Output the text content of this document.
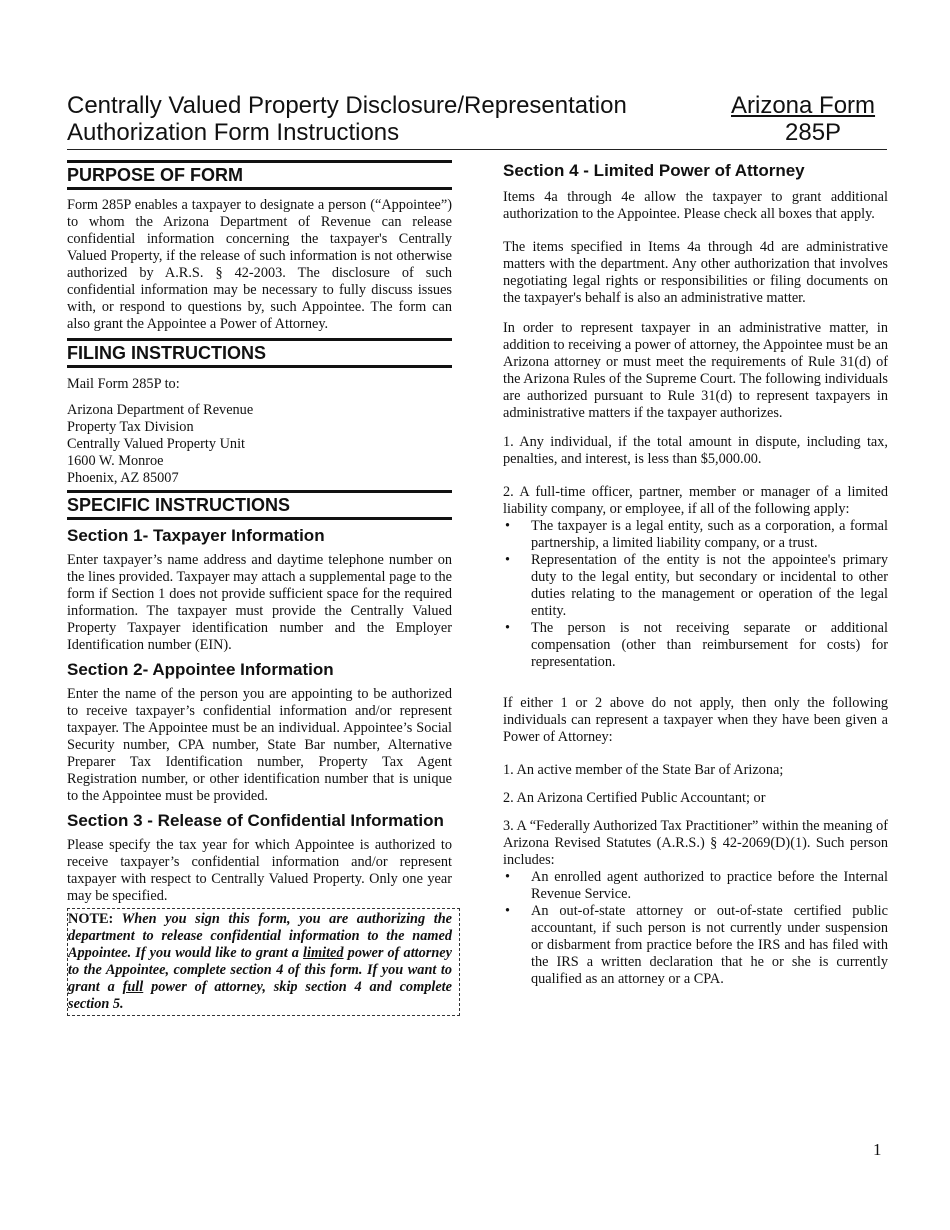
Centrally Valued Property Disclosure/Representation
Authorization Form Instructions
Arizona Form
285P
PURPOSE OF FORM

Form 285P enables a taxpayer to designate a person (“Appointee”) to whom the Arizona Department of Revenue can release confidential information concerning the taxpayer's Centrally Valued Property, if the release of such information is not otherwise authorized by A.R.S. § 42-2003. The disclosure of such confidential information may be necessary to fully discuss issues with, or respond to questions by, such Appointee. The form can also grant the Appointee a Power of Attorney.

FILING INSTRUCTIONS

Mail Form 285P to:

Arizona Department of Revenue
Property Tax Division
Centrally Valued Property Unit
1600 W. Monroe
Phoenix, AZ 85007
SPECIFIC INSTRUCTIONS
Section 1- Taxpayer Information

Enter taxpayer’s name address and daytime telephone number on the lines provided. Taxpayer may attach a supplemental page to the form if Section 1 does not provide sufficient space for the required information. The taxpayer must provide the Centrally Valued Property Taxpayer identification number and the Employer Identification number (EIN).

Section 2- Appointee Information

Enter the name of the person you are appointing to be authorized to receive taxpayer’s confidential information and/or represent taxpayer. The Appointee must be an individual. Appointee’s Social Security number, CPA number, State Bar number, Alternative Preparer Tax Identification number, Property Tax Agent Registration number, or other identification number that is unique to the Appointee must be provided.

Section 3 - Release of Confidential Information

Please specify the tax year for which Appointee is authorized to receive taxpayer’s confidential information and/or represent taxpayer with respect to Centrally Valued Property. Only one year may be specified.

NOTE: When you sign this form, you are authorizing the department to release confidential information to the named Appointee. If you would like to grant a limited power of attorney to the Appointee, complete section 4 of this form. If you want to grant a full power of attorney, skip section 4 and complete section 5.

Section 4 - Limited Power of Attorney

Items 4a through 4e allow the taxpayer to grant additional authorization to the Appointee. Please check all boxes that apply.

The items specified in Items 4a through 4d are administrative matters with the department. Any other authorization that involves negotiating legal rights or responsibilities or filing documents on the taxpayer's behalf is also an administrative matter.

In order to represent taxpayer in an administrative matter, in addition to receiving a power of attorney, the Appointee must be an Arizona attorney or must meet the requirements of Rule 31(d) of the Arizona Rules of the Supreme Court. The following individuals are authorized pursuant to Rule 31(d) to represent taxpayers in administrative matters if the taxpayer authorizes.

1. Any individual, if the total amount in dispute, including tax, penalties, and interest, is less than $5,000.00.

2. A full-time officer, partner, member or manager of a limited liability company, or employee, if all of the following apply:

• The taxpayer is a legal entity, such as a corporation, a formal partnership, a limited liability company, or a trust.
• Representation of the entity is not the appointee's primary duty to the legal entity, but secondary or incidental to other duties relating to the management or operation of the legal entity.
• The person is not receiving separate or additional compensation (other than reimbursement for costs) for representation.

If either 1 or 2 above do not apply, then only the following individuals can represent a taxpayer when they have been given a Power of Attorney:

1. An active member of the State Bar of Arizona;

2. An Arizona Certified Public Accountant; or

3. A “Federally Authorized Tax Practitioner” within the meaning of Arizona Revised Statutes (A.R.S.) § 42-2069(D)(1). Such person includes:

• An enrolled agent authorized to practice before the Internal Revenue Service.
• An out-of-state attorney or out-of-state certified public accountant, if such person is not currently under suspension or disbarment from practice before the IRS and has filed with the IRS a written declaration that he or she is currently qualified as an attorney or a CPA.
1
